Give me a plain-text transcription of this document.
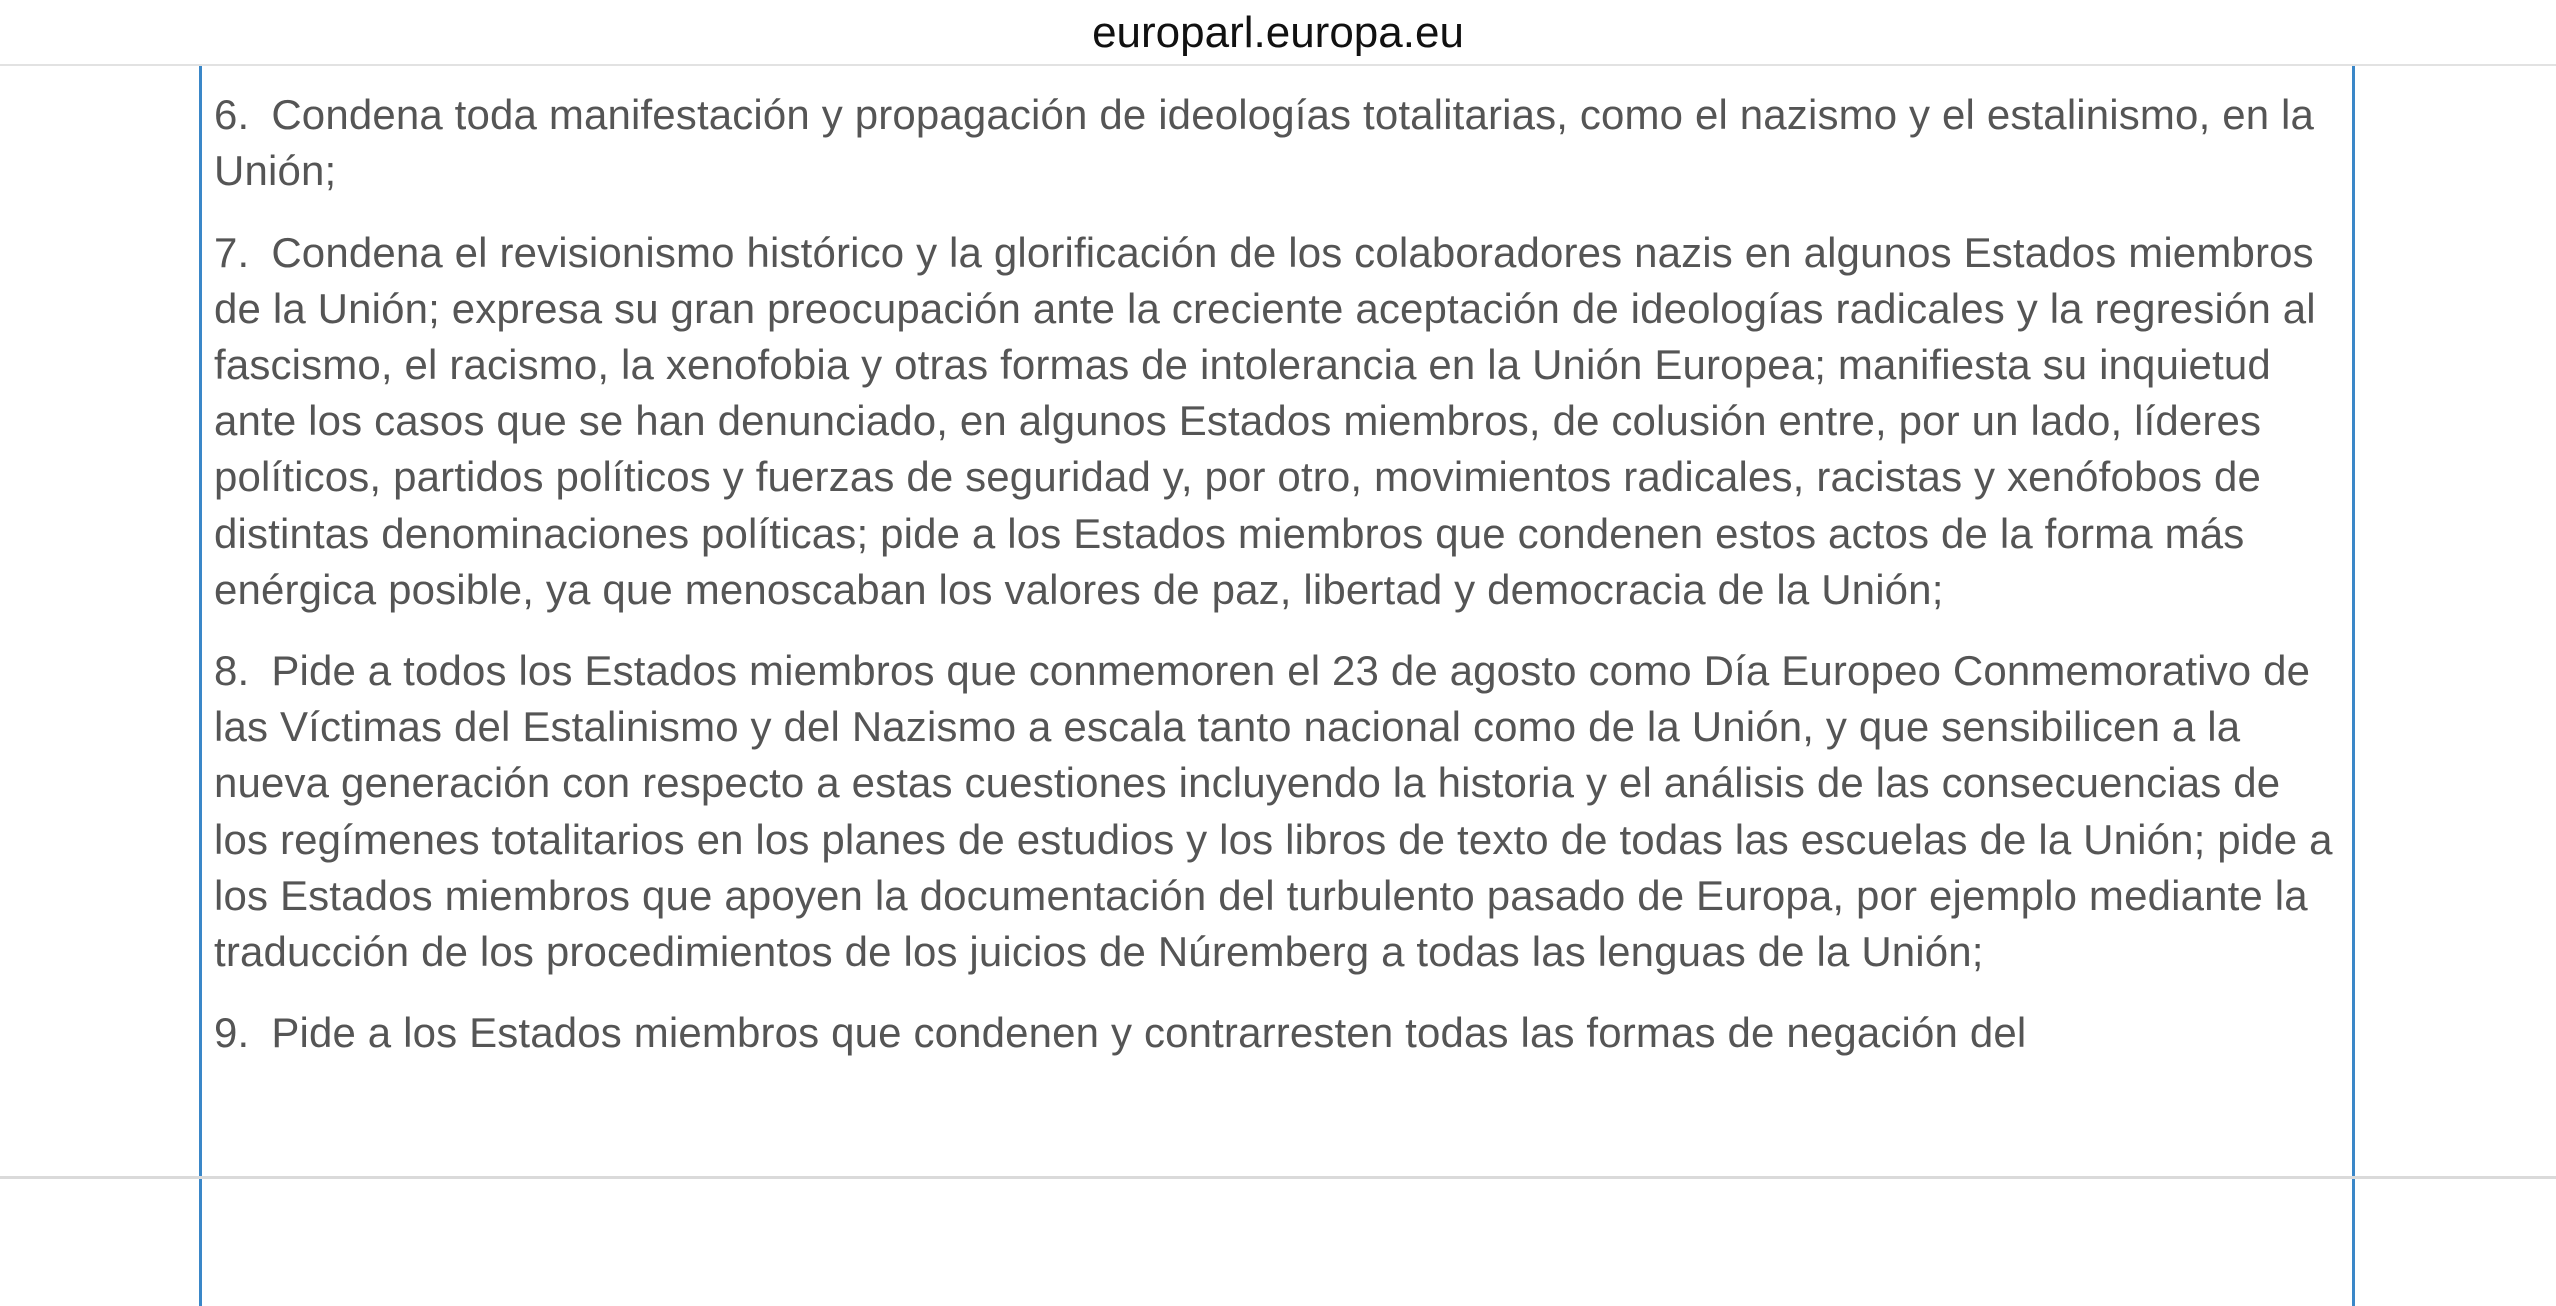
europarl.europa.eu

6. Condena toda manifestación y propagación de ideologías totalitarias, como el nazismo y el estalinismo, en la Unión;

7. Condena el revisionismo histórico y la glorificación de los colaboradores nazis en algunos Estados miembros de la Unión; expresa su gran preocupación ante la creciente aceptación de ideologías radicales y la regresión al fascismo, el racismo, la xenofobia y otras formas de intolerancia en la Unión Europea; manifiesta su inquietud ante los casos que se han denunciado, en algunos Estados miembros, de colusión entre, por un lado, líderes políticos, partidos políticos y fuerzas de seguridad y, por otro, movimientos radicales, racistas y xenófobos de distintas denominaciones políticas; pide a los Estados miembros que condenen estos actos de la forma más enérgica posible, ya que menoscaban los valores de paz, libertad y democracia de la Unión;

8. Pide a todos los Estados miembros que conmemoren el 23 de agosto como Día Europeo Conmemorativo de las Víctimas del Estalinismo y del Nazismo a escala tanto nacional como de la Unión, y que sensibilicen a la nueva generación con respecto a estas cuestiones incluyendo la historia y el análisis de las consecuencias de los regímenes totalitarios en los planes de estudios y los libros de texto de todas las escuelas de la Unión; pide a los Estados miembros que apoyen la documentación del turbulento pasado de Europa, por ejemplo mediante la traducción de los procedimientos de los juicios de Núremberg a todas las lenguas de la Unión;

9. Pide a los Estados miembros que condenen y contrarresten todas las formas de negación del
